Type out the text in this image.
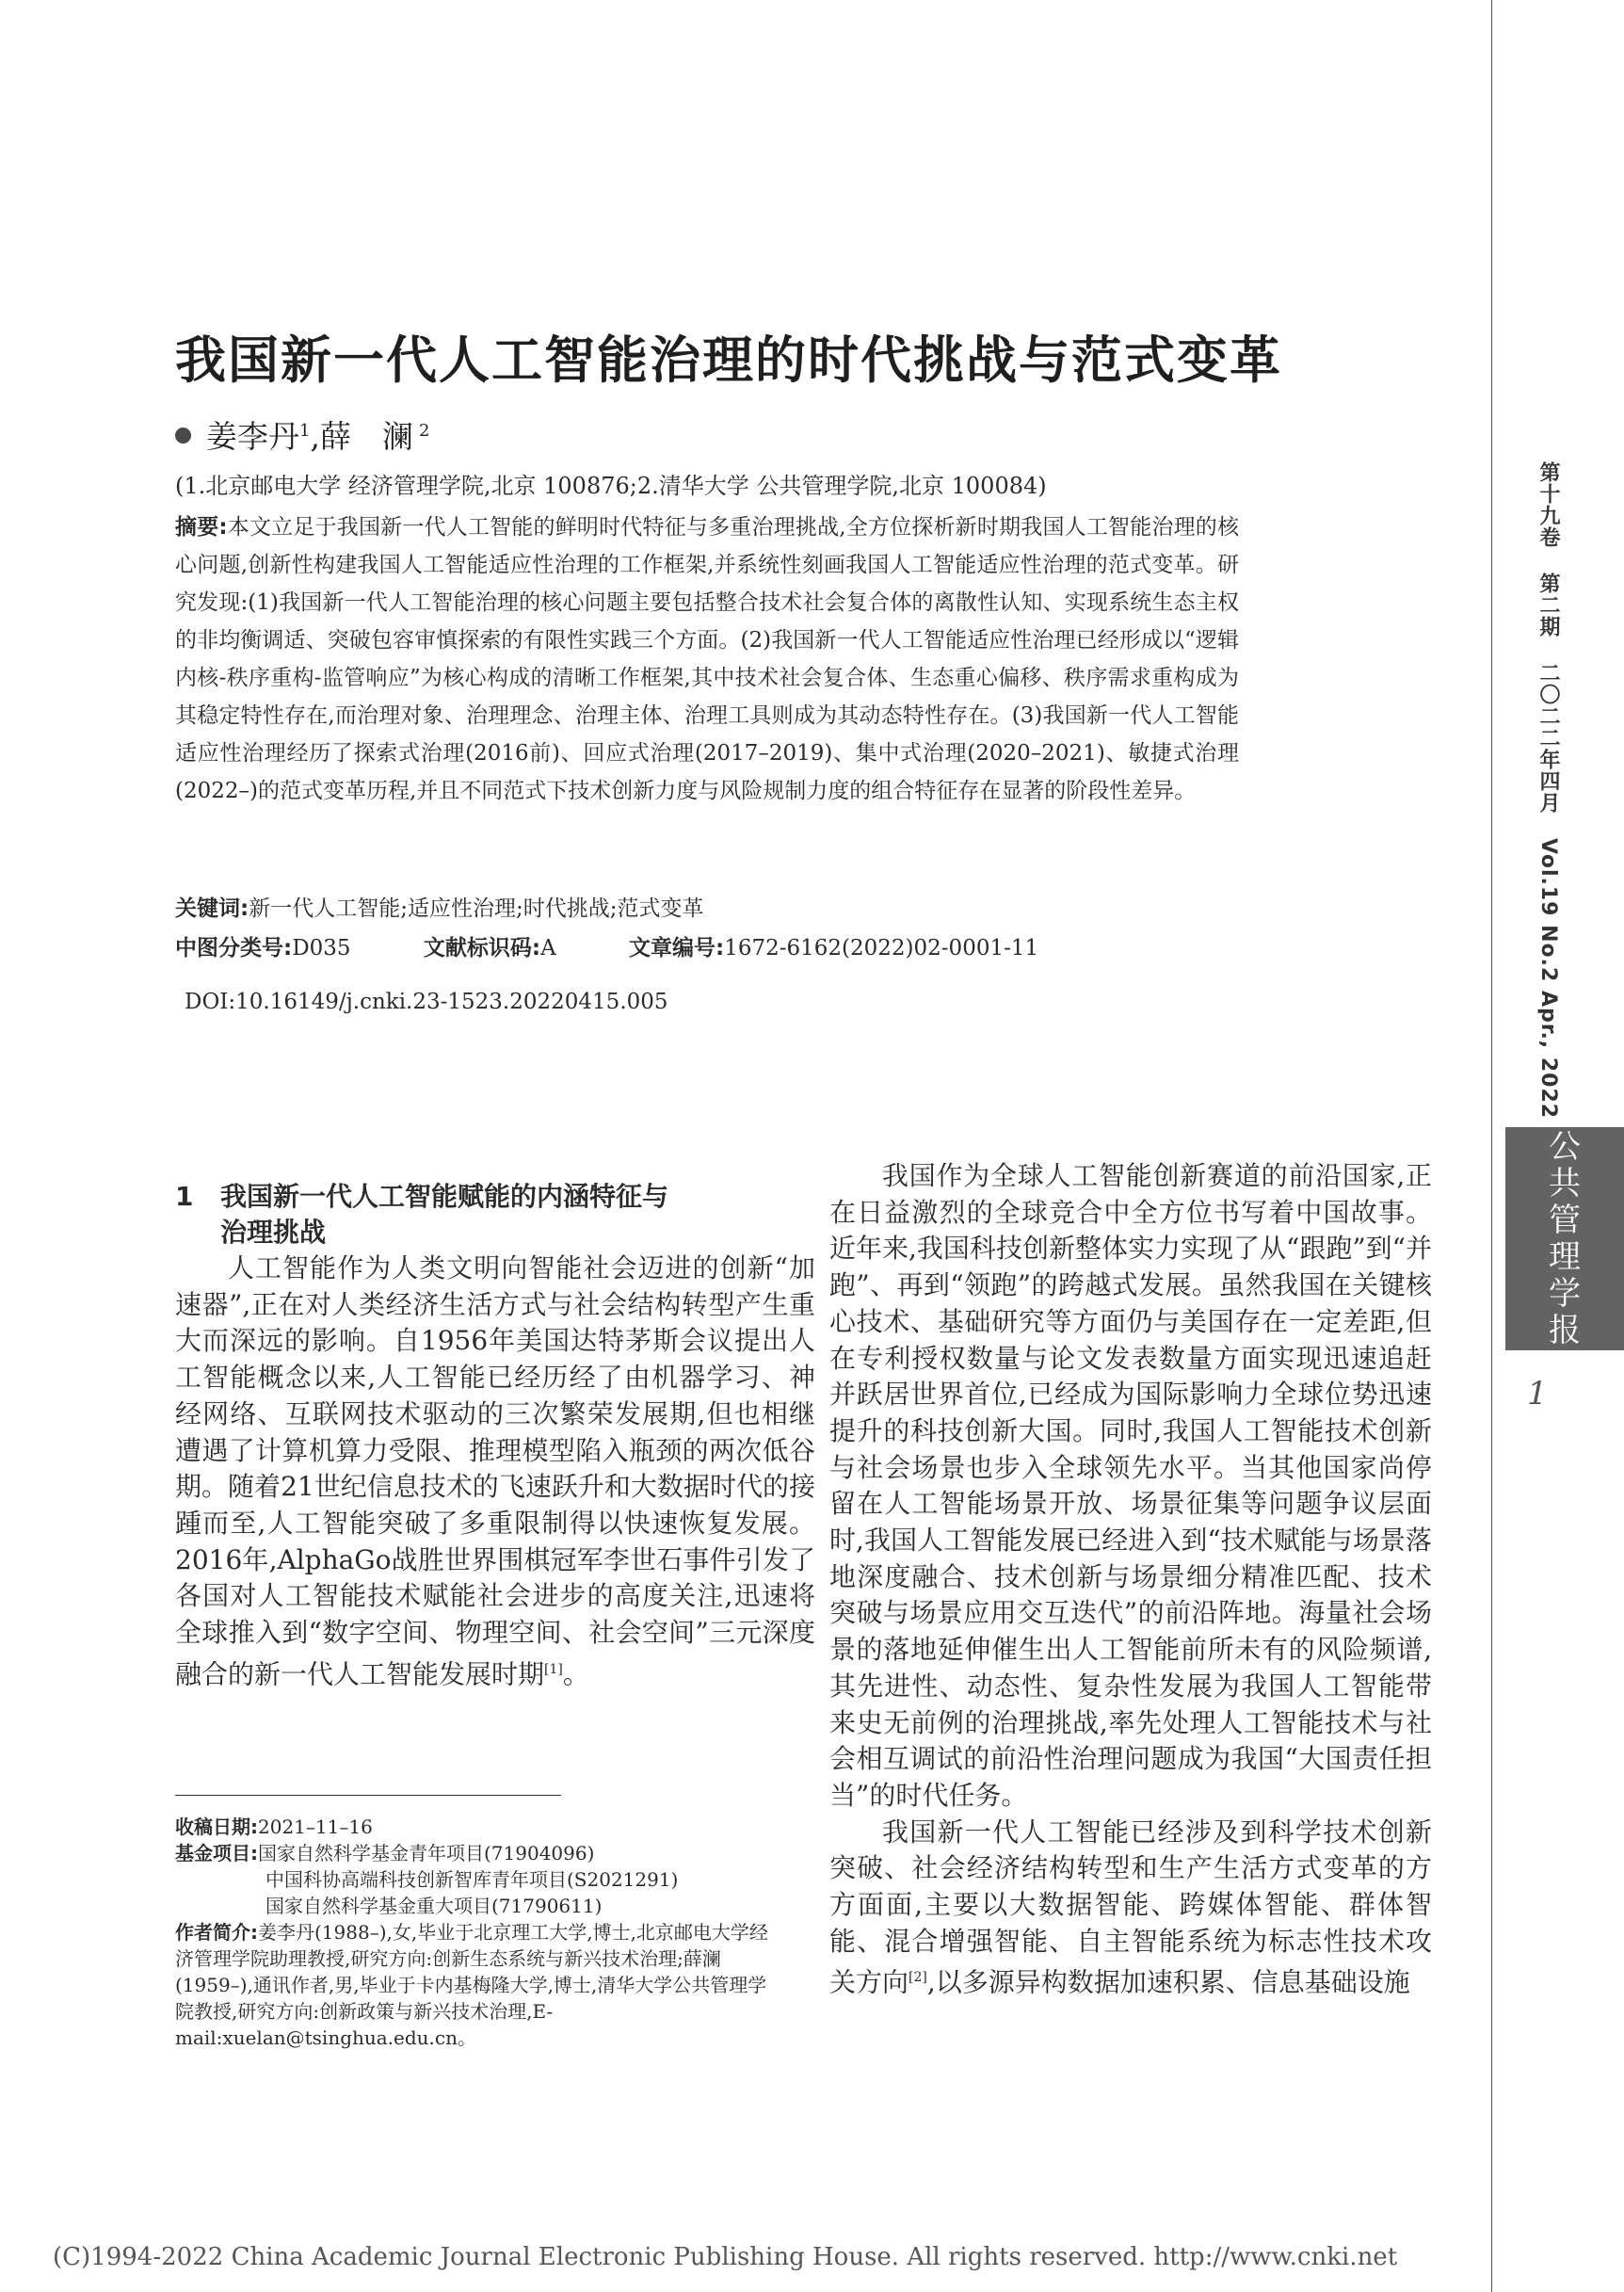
我国新一代人工智能治理的时代挑战与范式变革
姜李丹$^1$,薛　澜 $^2$
(1.北京邮电大学 经济管理学院,北京 100876;2.清华大学 公共管理学院,北京 100084)
摘要:本文立足于我国新一代人工智能的鲜明时代特征与多重治理挑战,全方位探析新时期我国人工智能治理的核心问题,创新性构建我国人工智能适应性治理的工作框架,并系统性刻画我国人工智能适应性治理的范式变革。研究发现:(1)我国新一代人工智能治理的核心问题主要包括整合技术社会复合体的离散性认知、实现系统生态主权的非均衡调适、突破包容审慎探索的有限性实践三个方面。(2)我国新一代人工智能适应性治理已经形成以“逻辑内核-秩序重构-监管响应”为核心构成的清晰工作框架,其中技术社会复合体、生态重心偏移、秩序需求重构成为其稳定特性存在,而治理对象、治理理念、治理主体、治理工具则成为其动态特性存在。(3)我国新一代人工智能适应性治理经历了探索式治理(2016前)、回应式治理(2017–2019)、集中式治理(2020–2021)、敏捷式治理(2022–)的范式变革历程,并且不同范式下技术创新力度与风险规制力度的组合特征存在显著的阶段性差异。
关键词:新一代人工智能;适应性治理;时代挑战;范式变革
中图分类号:D035	文献标识码:A	文章编号:1672-6162(2022)02-0001-11
DOI:10.16149/j.cnki.23-1523.20220415.005
1 我国新一代人工智能赋能的内涵特征与
治理挑战

人工智能作为人类文明向智能社会迈进的创新“加速器”,正在对人类经济生活方式与社会结构转型产生重大而深远的影响。自1956年美国达特茅斯会议提出人工智能概念以来,人工智能已经历经了由机器学习、神经网络、互联网技术驱动的三次繁荣发展期,但也相继遭遇了计算机算力受限、推理模型陷入瓶颈的两次低谷期。随着21世纪信息技术的飞速跃升和大数据时代的接踵而至,人工智能突破了多重限制得以快速恢复发展。2016年,AlphaGo战胜世界围棋冠军李世石事件引发了各国对人工智能技术赋能社会进步的高度关注,迅速将全球推入到“数字空间、物理空间、社会空间”三元深度融合的新一代人工智能发展时期[1]。

我国作为全球人工智能创新赛道的前沿国家,正在日益激烈的全球竞合中全方位书写着中国故事。近年来,我国科技创新整体实力实现了从“跟跑”到“并跑”、再到“领跑”的跨越式发展。虽然我国在关键核心技术、基础研究等方面仍与美国存在一定差距,但在专利授权数量与论文发表数量方面实现迅速追赶并跃居世界首位,已经成为国际影响力全球位势迅速提升的科技创新大国。同时,我国人工智能技术创新与社会场景也步入全球领先水平。当其他国家尚停留在人工智能场景开放、场景征集等问题争议层面时,我国人工智能发展已经进入到“技术赋能与场景落地深度融合、技术创新与场景细分精准匹配、技术突破与场景应用交互迭代”的前沿阵地。海量社会场景的落地延伸催生出人工智能前所未有的风险频谱,其先进性、动态性、复杂性发展为我国人工智能带来史无前例的治理挑战,率先处理人工智能技术与社会相互调试的前沿性治理问题成为我国“大国责任担当”的时代任务。

我国新一代人工智能已经涉及到科学技术创新突破、社会经济结构转型和生产生活方式变革的方方面面,主要以大数据智能、跨媒体智能、群体智能、混合增强智能、自主智能系统为标志性技术攻关方向[2],以多源异构数据加速积累、信息基础设施

收稿日期:2021–11–16
基金项目:国家自然科学基金青年项目(71904096)
中国科协高端科技创新智库青年项目(S2021291)
国家自然科学基金重大项目(71790611)
作者简介:姜李丹(1988–),女,毕业于北京理工大学,博士,北京邮电大学经济管理学院助理教授,研究方向:创新生态系统与新兴技术治理;薛澜(1959–),通讯作者,男,毕业于卡内基梅隆大学,博士,清华大学公共管理学院教授,研究方向:创新政策与新兴技术治理,E-mail:xuelan@tsinghua.edu.cn。
第十九卷第二期二〇二二年四月Vol.19 No.2 Apr., 2022
公
共
管
理
学
报
1
(C)1994-2022 China Academic Journal Electronic Publishing House. All rights reserved. http://www.cnki.net
